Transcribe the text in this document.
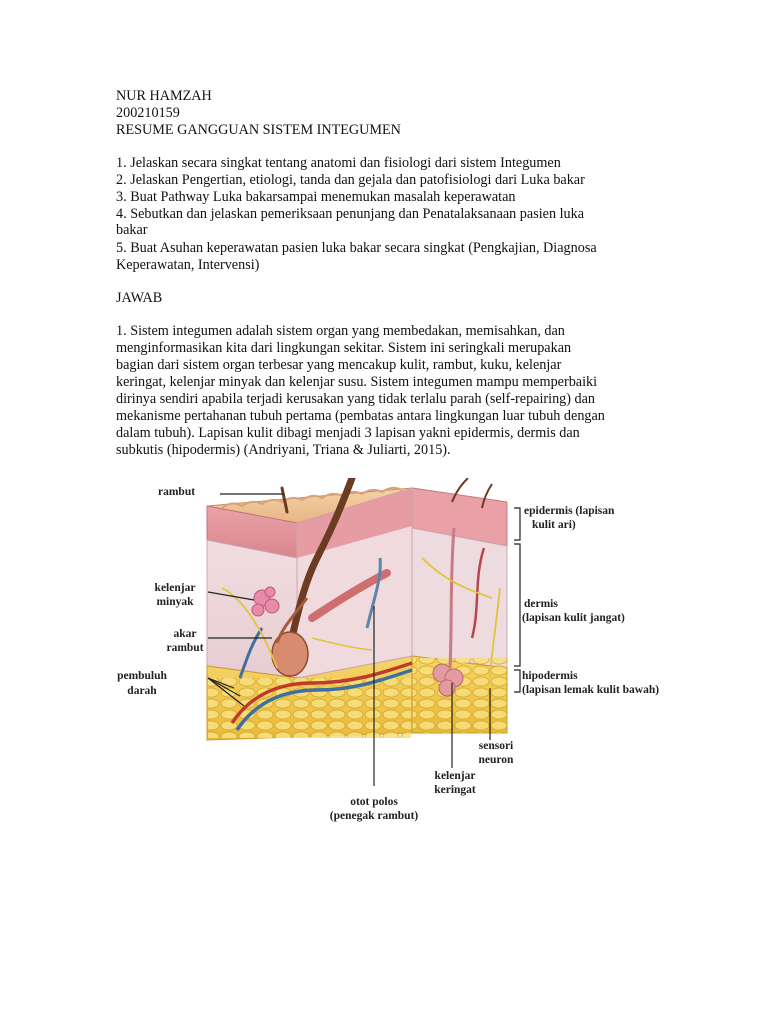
NUR HAMZAH
200210159
RESUME GANGGUAN SISTEM INTEGUMEN
1. Jelaskan secara singkat tentang anatomi dan fisiologi dari sistem Integumen
2. Jelaskan Pengertian, etiologi, tanda dan gejala dan patofisiologi dari Luka bakar
3. Buat Pathway Luka bakarsampai menemukan masalah keperawatan
4. Sebutkan dan jelaskan pemeriksaan penunjang dan Penatalaksanaan pasien luka
bakar
5. Buat Asuhan keperawatan pasien luka bakar secara singkat (Pengkajian, Diagnosa
Keperawatan, Intervensi)
JAWAB
1. Sistem integumen adalah sistem organ yang membedakan, memisahkan, dan
menginformasikan kita dari lingkungan sekitar. Sistem ini seringkali merupakan
bagian dari sistem organ terbesar yang mencakup kulit, rambut, kuku, kelenjar
keringat, kelenjar minyak dan kelenjar susu. Sistem integumen mampu memperbaiki
dirinya sendiri apabila terjadi kerusakan yang tidak terlalu parah (self-repairing) dan
mekanisme pertahanan tubuh pertama (pembatas antara lingkungan luar tubuh dengan
dalam tubuh). Lapisan kulit dibagi menjadi 3 lapisan yakni epidermis, dermis dan
subkutis (hipodermis) (Andriyani, Triana & Juliarti, 2015).
rambut
kelenjar
minyak
akar
rambut
pembuluh
darah
epidermis (lapisan
kulit ari)
dermis
(lapisan kulit jangat)
hipodermis
(lapisan lemak kulit bawah)
sensori
neuron
kelenjar
keringat
otot polos
(penegak rambut)
